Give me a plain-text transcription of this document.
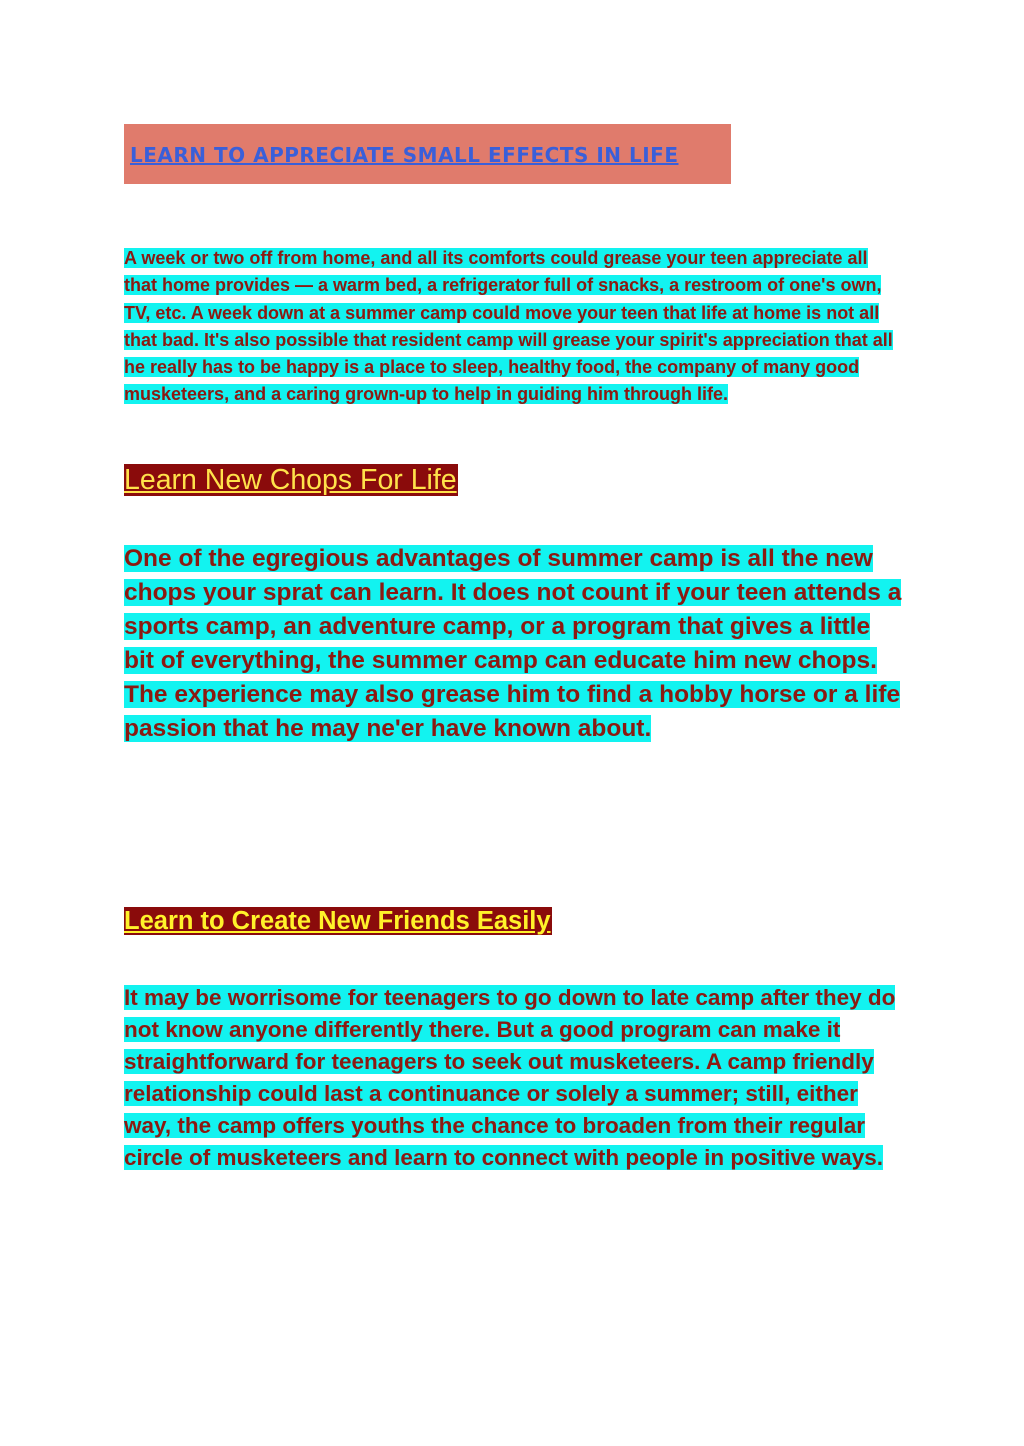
LEARN TO APPRECIATE SMALL EFFECTS IN LIFE

A week or two off from home, and all its comforts could grease your teen appreciate all that home provides — a warm bed, a refrigerator full of snacks, a restroom of one's own, TV, etc. A week down at a summer camp could move your teen that life at home is not all that bad. It's also possible that resident camp will grease your spirit's appreciation that all he really has to be happy is a place to sleep, healthy food, the company of many good musketeers, and a caring grown-up to help in guiding him through life.

Learn New Chops For Life

One of the egregious advantages of summer camp is all the new chops your sprat can learn. It does not count if your teen attends a sports camp, an adventure camp, or a program that gives a little bit of everything, the summer camp can educate him new chops. The experience may also grease him to find a hobby horse or a life passion that he may ne'er have known about.

Learn to Create New Friends Easily

It may be worrisome for teenagers to go down to late camp after they do not know anyone differently there. But a good program can make it straightforward for teenagers to seek out musketeers. A camp friendly relationship could last a continuance or solely a summer; still, either way, the camp offers youths the chance to broaden from their regular circle of musketeers and learn to connect with people in positive ways.
